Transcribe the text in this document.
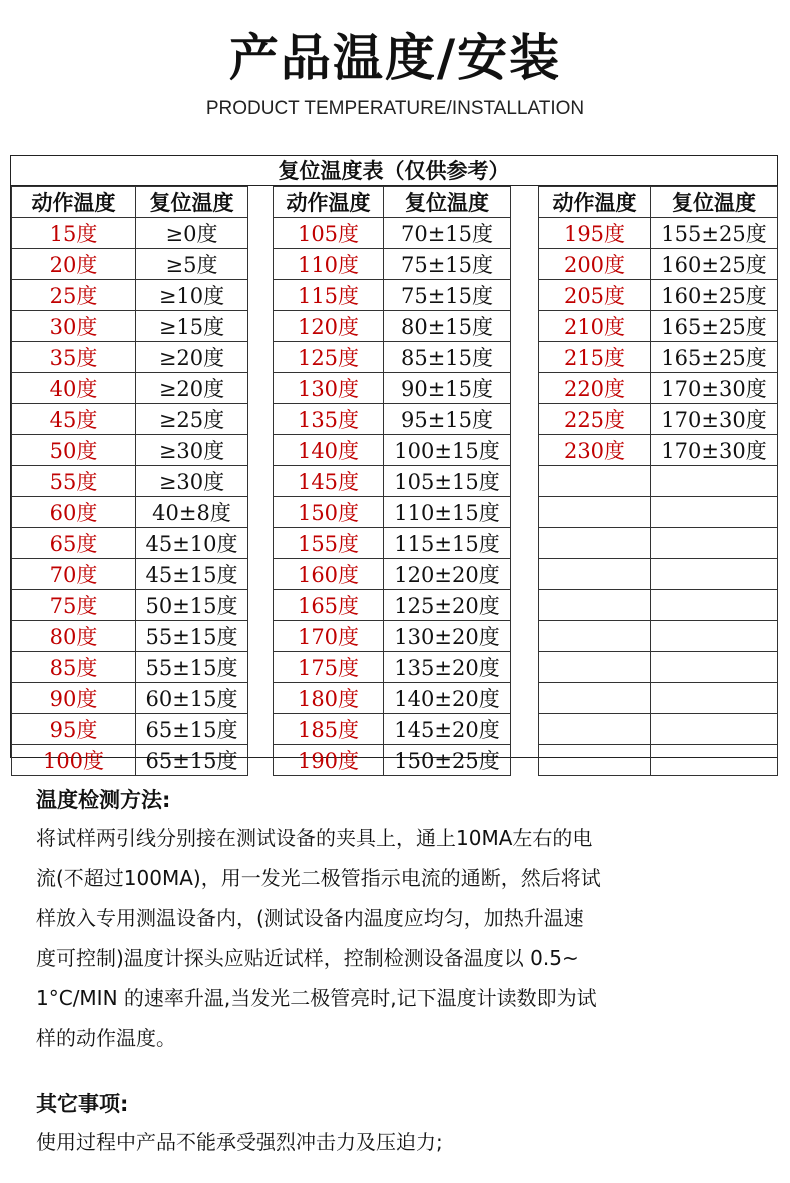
产品温度/安装
PRODUCT TEMPERATURE/INSTALLATION
复位温度表（仅供参考）
动作温度	复位温度
15度	≥0度
20度	≥5度
25度	≥10度
30度	≥15度
35度	≥20度
40度	≥20度
45度	≥25度
50度	≥30度
55度	≥30度
60度	40±8度
65度	45±10度
70度	45±15度
75度	50±15度
80度	55±15度
85度	55±15度
90度	60±15度
95度	65±15度
100度	65±15度
动作温度	复位温度
105度	70±15度
110度	75±15度
115度	75±15度
120度	80±15度
125度	85±15度
130度	90±15度
135度	95±15度
140度	100±15度
145度	105±15度
150度	110±15度
155度	115±15度
160度	120±20度
165度	125±20度
170度	130±20度
175度	135±20度
180度	140±20度
185度	145±20度
190度	150±25度
动作温度	复位温度
195度	155±25度
200度	160±25度
205度	160±25度
210度	165±25度
215度	165±25度
220度	170±30度
225度	170±30度
230度	170±30度

温度检测方法:
将试样两引线分别接在测试设备的夹具上，通上10MA左右的电
流(不超过100MA)，用一发光二极管指示电流的通断，然后将试
样放入专用测温设备内，(测试设备内温度应均匀，加热升温速
度可控制)温度计探头应贴近试样，控制检测设备温度以 0.5~
1°C/MIN 的速率升温,当发光二极管亮时,记下温度计读数即为试
样的动作温度。
其它事项:
使用过程中产品不能承受强烈冲击力及压迫力;
